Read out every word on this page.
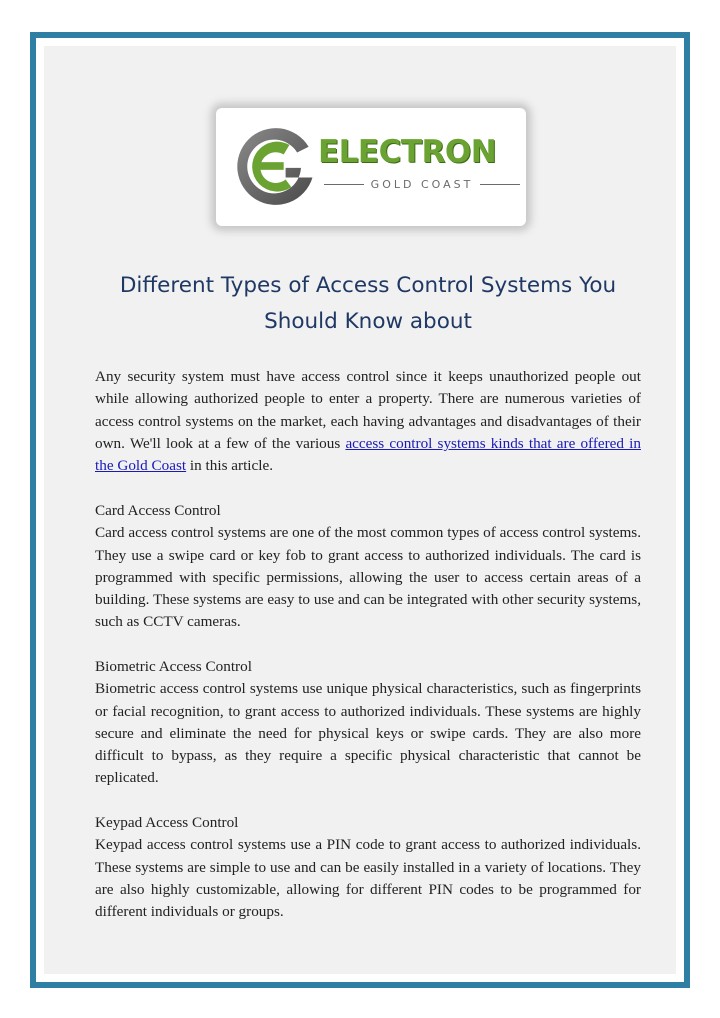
ELECTRON
GOLD COAST
Different Types of Access Control Systems You Should Know about

Any security system must have access control since it keeps unauthorized people out while allowing authorized people to enter a property. There are numerous varieties of access control systems on the market, each having advantages and disadvantages of their own. We'll look at a few of the various access control systems kinds that are offered in the Gold Coast in this article.

Card Access Control
Card access control systems are one of the most common types of access control systems. They use a swipe card or key fob to grant access to authorized individuals. The card is programmed with specific permissions, allowing the user to access certain areas of a building. These systems are easy to use and can be integrated with other security systems, such as CCTV cameras.

Biometric Access Control
Biometric access control systems use unique physical characteristics, such as fingerprints or facial recognition, to grant access to authorized individuals. These systems are highly secure and eliminate the need for physical keys or swipe cards. They are also more difficult to bypass, as they require a specific physical characteristic that cannot be replicated.

Keypad Access Control
Keypad access control systems use a PIN code to grant access to authorized individuals. These systems are simple to use and can be easily installed in a variety of locations. They are also highly customizable, allowing for different PIN codes to be programmed for different individuals or groups.
